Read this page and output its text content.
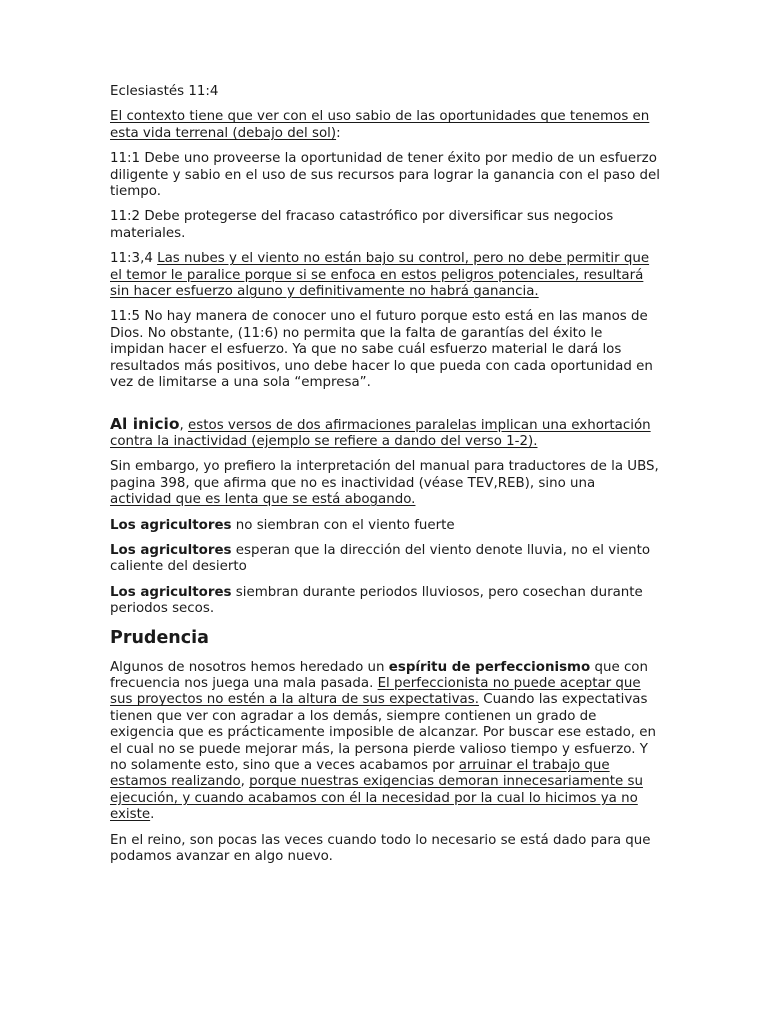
Eclesiastés 11:4

El contexto tiene que ver con el uso sabio de las oportunidades que tenemos en esta vida terrenal (debajo del sol):

11:1 Debe uno proveerse la oportunidad de tener éxito por medio de un esfuerzo diligente y sabio en el uso de sus recursos para lograr la ganancia con el paso del tiempo.

11:2 Debe protegerse del fracaso catastrófico por diversificar sus negocios materiales.

11:3,4 Las nubes y el viento no están bajo su control, pero no debe permitir que el temor le paralice porque si se enfoca en estos peligros potenciales, resultará sin hacer esfuerzo alguno y definitivamente no habrá ganancia.

11:5 No hay manera de conocer uno el futuro porque esto está en las manos de Dios. No obstante, (11:6) no permita que la falta de garantías del éxito le impidan hacer el esfuerzo. Ya que no sabe cuál esfuerzo material le dará los resultados más positivos, uno debe hacer lo que pueda con cada oportunidad en vez de limitarse a una sola “empresa”.

Al inicio, estos versos de dos afirmaciones paralelas implican una exhortación contra la inactividad (ejemplo se refiere a dando del verso 1-2).

Sin embargo, yo prefiero la interpretación del manual para traductores de la UBS, pagina 398, que afirma que no es inactividad (véase TEV,REB), sino una actividad que es lenta que se está abogando.

Los agricultores no siembran con el viento fuerte

Los agricultores esperan que la dirección del viento denote lluvia, no el viento caliente del desierto

Los agricultores siembran durante periodos lluviosos, pero cosechan durante periodos secos.

Prudencia

Algunos de nosotros hemos heredado un espíritu de perfeccionismo que con frecuencia nos juega una mala pasada. El perfeccionista no puede aceptar que sus proyectos no estén a la altura de sus expectativas. Cuando las expectativas tienen que ver con agradar a los demás, siempre contienen un grado de exigencia que es prácticamente imposible de alcanzar. Por buscar ese estado, en el cual no se puede mejorar más, la persona pierde valioso tiempo y esfuerzo. Y no solamente esto, sino que a veces acabamos por arruinar el trabajo que estamos realizando, porque nuestras exigencias demoran innecesariamente su ejecución, y cuando acabamos con él la necesidad por la cual lo hicimos ya no existe.

En el reino, son pocas las veces cuando todo lo necesario se está dado para que podamos avanzar en algo nuevo.
